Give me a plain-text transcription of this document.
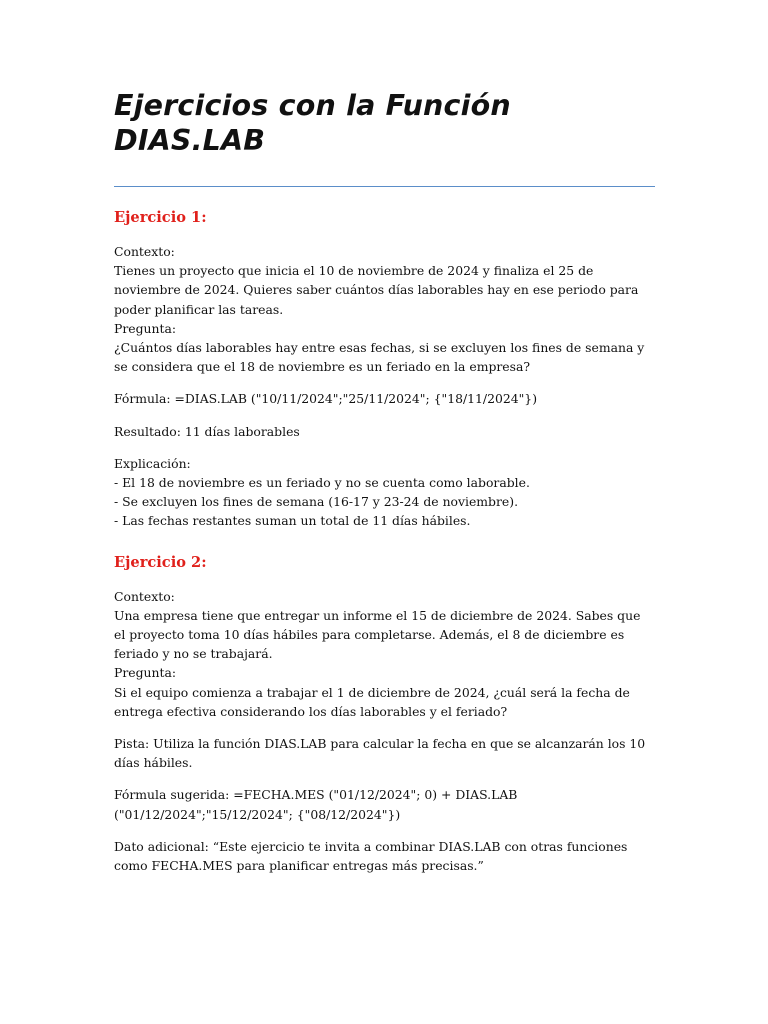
Ejercicios con la Función
DIAS.LAB
Ejercicio 1:

Contexto:
Tienes un proyecto que inicia el 10 de noviembre de 2024 y finaliza el 25 de noviembre de 2024. Quieres saber cuántos días laborables hay en ese periodo para poder planificar las tareas.
Pregunta:
¿Cuántos días laborables hay entre esas fechas, si se excluyen los fines de semana y se considera que el 18 de noviembre es un feriado en la empresa?

Fórmula: =DIAS.LAB ("10/11/2024";"25/11/2024"; {"18/11/2024"})

Resultado: 11 días laborables

Explicación:
- El 18 de noviembre es un feriado y no se cuenta como laborable.
- Se excluyen los fines de semana (16-17 y 23-24 de noviembre).
- Las fechas restantes suman un total de 11 días hábiles.

Ejercicio 2:

Contexto:
Una empresa tiene que entregar un informe el 15 de diciembre de 2024. Sabes que el proyecto toma 10 días hábiles para completarse. Además, el 8 de diciembre es feriado y no se trabajará.
Pregunta:
Si el equipo comienza a trabajar el 1 de diciembre de 2024, ¿cuál será la fecha de entrega efectiva considerando los días laborables y el feriado?

Pista: Utiliza la función DIAS.LAB para calcular la fecha en que se alcanzarán los 10 días hábiles.

Fórmula sugerida: =FECHA.MES ("01/12/2024"; 0) + DIAS.LAB ("01/12/2024";"15/12/2024"; {"08/12/2024"})

Dato adicional: “Este ejercicio te invita a combinar DIAS.LAB con otras funciones como FECHA.MES para planificar entregas más precisas.”
